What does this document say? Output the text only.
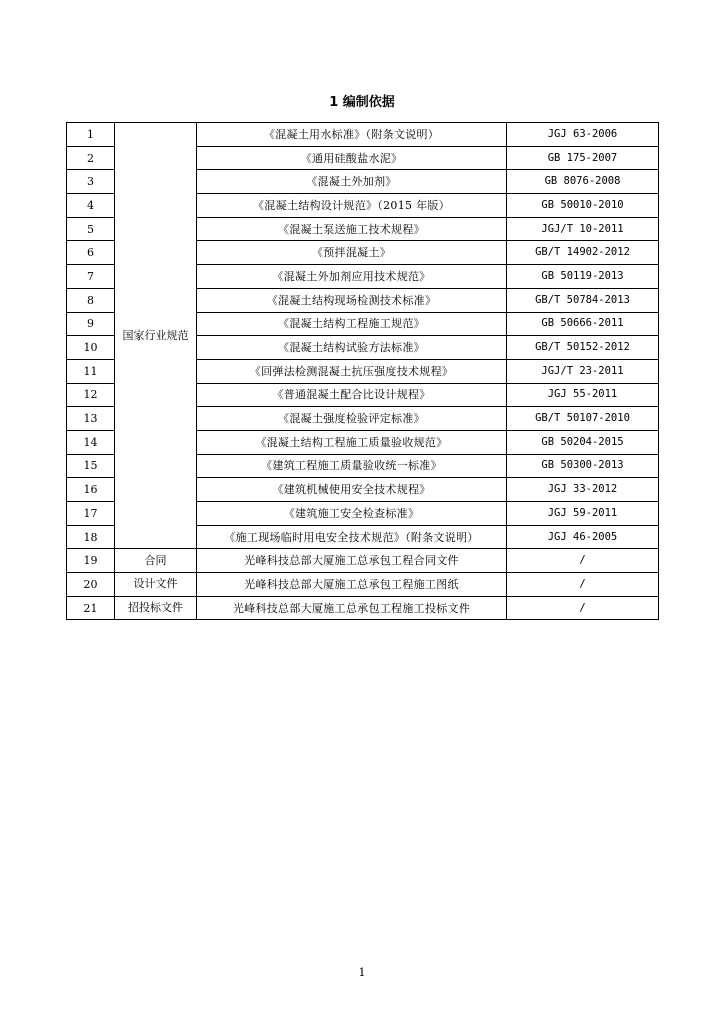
1 编制依据
1	国家行业规范	《混凝土用水标准》（附条文说明）	JGJ 63-2006
2		《通用硅酸盐水泥》	GB 175-2007
3		《混凝土外加剂》	GB 8076-2008
4		《混凝土结构设计规范》（2015 年版）	GB 50010-2010
5		《混凝土泵送施工技术规程》	JGJ/T 10-2011
6		《预拌混凝土》	GB/T 14902-2012
7		《混凝土外加剂应用技术规范》	GB 50119-2013
8		《混凝土结构现场检测技术标准》	GB/T 50784-2013
9		《混凝土结构工程施工规范》	GB 50666-2011
10		《混凝土结构试验方法标准》	GB/T 50152-2012
11		《回弹法检测混凝土抗压强度技术规程》	JGJ/T 23-2011
12		《普通混凝土配合比设计规程》	JGJ 55-2011
13		《混凝土强度检验评定标准》	GB/T 50107-2010
14		《混凝土结构工程施工质量验收规范》	GB 50204-2015
15		《建筑工程施工质量验收统一标准》	GB 50300-2013
16		《建筑机械使用安全技术规程》	JGJ 33-2012
17		《建筑施工安全检查标准》	JGJ 59-2011
18		《施工现场临时用电安全技术规范》（附条文说明）	JGJ 46-2005
19	合同	光峰科技总部大厦施工总承包工程合同文件	/
20	设计文件	光峰科技总部大厦施工总承包工程施工图纸	/
21	招投标文件	光峰科技总部大厦施工总承包工程施工投标文件	/
1
